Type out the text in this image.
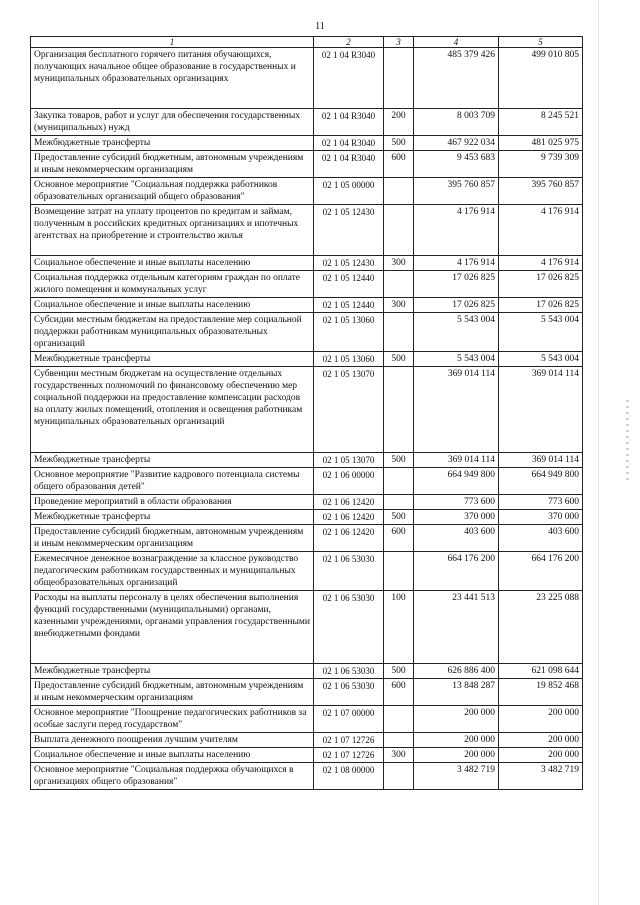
11
1	2	3	4	5
Организация бесплатного горячего питания обучающихся, получающих начальное общее образование в государственных и муниципальных образовательных организациях	02 1 04 R3040		485 379 426	499 010 805
Закупка товаров, работ и услуг для обеспечения государственных (муниципальных) нужд	02 1 04 R3040	200	8 003 709	8 245 521
Межбюджетные трансферты	02 1 04 R3040	500	467 922 034	481 025 975
Предоставление субсидий бюджетным, автономным учреждениям и иным некоммерческим организациям	02 1 04 R3040	600	9 453 683	9 739 309
Основное мероприятие "Социальная поддержка работников образовательных организаций общего образования"	02 1 05 00000		395 760 857	395 760 857
Возмещение затрат на уплату процентов по кредитам и займам, полученным в российских кредитных организациях и ипотечных агентствах на приобретение и строительство жилья	02 1 05 12430		4 176 914	4 176 914
Социальное обеспечение и иные выплаты населению	02 1 05 12430	300	4 176 914	4 176 914
Социальная поддержка отдельным категориям граждан по оплате жилого помещения и коммунальных услуг	02 1 05 12440		17 026 825	17 026 825
Социальное обеспечение и иные выплаты населению	02 1 05 12440	300	17 026 825	17 026 825
Субсидии местным бюджетам на предоставление мер социальной поддержки работникам муниципальных образовательных организаций	02 1 05 13060		5 543 004	5 543 004
Межбюджетные трансферты	02 1 05 13060	500	5 543 004	5 543 004
Субвенции местным бюджетам на осуществление отдельных государственных полномочий по финансовому обеспечению мер социальной поддержки на предоставление компенсации расходов на оплату жилых помещений, отопления и освещения работникам муниципальных образовательных организаций	02 1 05 13070		369 014 114	369 014 114
Межбюджетные трансферты	02 1 05 13070	500	369 014 114	369 014 114
Основное мероприятие "Развитие кадрового потенциала системы общего образования детей"	02 1 06 00000		664 949 800	664 949 800
Проведение мероприятий в области образования	02 1 06 12420		773 600	773 600
Межбюджетные трансферты	02 1 06 12420	500	370 000	370 000
Предоставление субсидий бюджетным, автономным учреждениям и иным некоммерческим организациям	02 1 06 12420	600	403 600	403 600
Ежемесячное денежное вознаграждение за классное руководство педагогическим работникам государственных и муниципальных общеобразовательных организаций	02 1 06 53030		664 176 200	664 176 200
Расходы на выплаты персоналу в целях обеспечения выполнения функций государственными (муниципальными) органами, казенными учреждениями, органами управления государственными внебюджетными фондами	02 1 06 53030	100	23 441 513	23 225 088
Межбюджетные трансферты	02 1 06 53030	500	626 886 400	621 098 644
Предоставление субсидий бюджетным, автономным учреждениям и иным некоммерческим организациям	02 1 06 53030	600	13 848 287	19 852 468
Основное мероприятие "Поощрение педагогических работников за особые заслуги перед государством"	02 1 07 00000		200 000	200 000
Выплата денежного поощрения лучшим учителям	02 1 07 12726		200 000	200 000
Социальное обеспечение и иные выплаты населению	02 1 07 12726	300	200 000	200 000
Основное мероприятие "Социальная поддержка обучающихся в организациях общего образования"	02 1 08 00000		3 482 719	3 482 719
